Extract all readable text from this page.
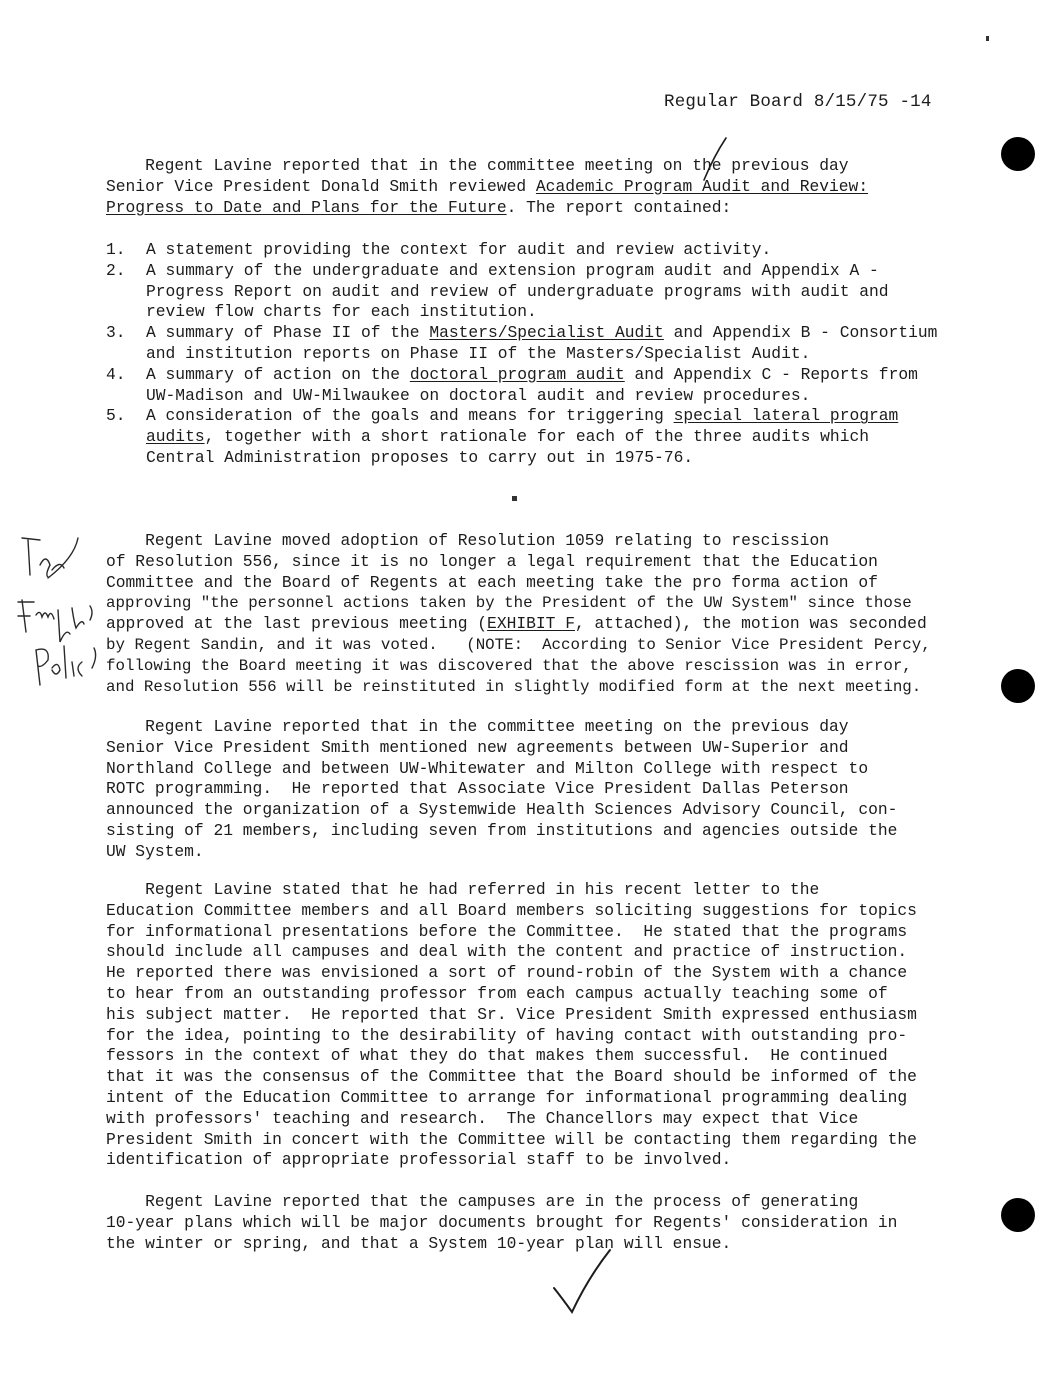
Regular Board 8/15/75 -14
Regent Lavine reported that in the committee meeting on the previous day
Senior Vice President Donald Smith reviewed Academic Program Audit and Review:
Progress to Date and Plans for the Future. The report contained:
1. A statement providing the context for audit and review activity.
2. A summary of the undergraduate and extension program audit and Appendix A -
Progress Report on audit and review of undergraduate programs with audit and
review flow charts for each institution.
3. A summary of Phase II of the Masters/Specialist Audit and Appendix B - Consortium
and institution reports on Phase II of the Masters/Specialist Audit.
4. A summary of action on the doctoral program audit and Appendix C - Reports from
UW-Madison and UW-Milwaukee on doctoral audit and review procedures.
5. A consideration of the goals and means for triggering special lateral program
audits, together with a short rationale for each of the three audits which
Central Administration proposes to carry out in 1975-76.
Regent Lavine moved adoption of Resolution 1059 relating to rescission
of Resolution 556, since it is no longer a legal requirement that the Education
Committee and the Board of Regents at each meeting take the pro forma action of
approving "the personnel actions taken by the President of the UW System" since those
approved at the last previous meeting (EXHIBIT F, attached), the motion was seconded
by Regent Sandin, and it was voted.   (NOTE:  According to Senior Vice President Percy,
following the Board meeting it was discovered that the above rescission was in error,
and Resolution 556 will be reinstituted in slightly modified form at the next meeting.
Regent Lavine reported that in the committee meeting on the previous day
Senior Vice President Smith mentioned new agreements between UW-Superior and
Northland College and between UW-Whitewater and Milton College with respect to
ROTC programming.  He reported that Associate Vice President Dallas Peterson
announced the organization of a Systemwide Health Sciences Advisory Council, con-
sisting of 21 members, including seven from institutions and agencies outside the
UW System.
Regent Lavine stated that he had referred in his recent letter to the
Education Committee members and all Board members soliciting suggestions for topics
for informational presentations before the Committee.  He stated that the programs
should include all campuses and deal with the content and practice of instruction.
He reported there was envisioned a sort of round-robin of the System with a chance
to hear from an outstanding professor from each campus actually teaching some of
his subject matter.  He reported that Sr. Vice President Smith expressed enthusiasm
for the idea, pointing to the desirability of having contact with outstanding pro-
fessors in the context of what they do that makes them successful.  He continued
that it was the consensus of the Committee that the Board should be informed of the
intent of the Education Committee to arrange for informational programming dealing
with professors' teaching and research.  The Chancellors may expect that Vice
President Smith in concert with the Committee will be contacting them regarding the
identification of appropriate professorial staff to be involved.
Regent Lavine reported that the campuses are in the process of generating
10-year plans which will be major documents brought for Regents' consideration in
the winter or spring, and that a System 10-year plan will ensue.
